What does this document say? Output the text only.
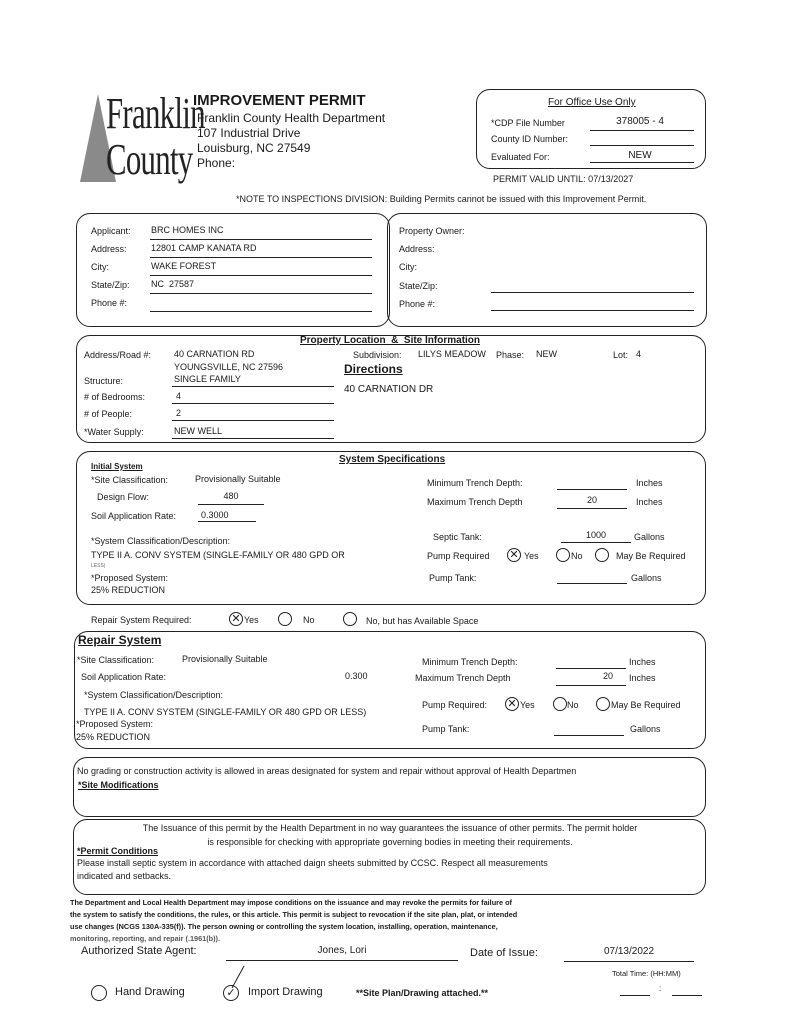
Franklin
County
IMPROVEMENT PERMIT
Franklin County Health Department
107 Industrial Drive
Louisburg, NC 27549
Phone:
For Office Use Only
*CDP File Number	378005 - 4
County ID Number:
Evaluated For:	NEW
PERMIT VALID UNTIL: 07/13/2027
*NOTE TO INSPECTIONS DIVISION: Building Permits cannot be issued with this Improvement Permit.
Applicant: BRC HOMES INC
Address:	12801 CAMP KANATA RD
City:	WAKE FOREST
State/Zip: NC  27587
Phone #:
Property Owner:
Address:
City:
State/Zip:
Phone #:
Property Location  &  Site Information
Address/Road #:	40 CARNATION RD
YOUNGSVILLE, NC 27596
Structure:	SINGLE FAMILY
# of Bedrooms:	4
# of People:	2
*Water Supply:	NEW WELL
Subdivision: LILYS MEADOW Phase: NEW	Lot: 4
Directions
40 CARNATION DR
Initial System
System Specifications
*Site Classification:	Provisionally Suitable
Design Flow:	480
Soil Application Rate:	0.3000
*System Classification/Description:
TYPE II A. CONV SYSTEM (SINGLE-FAMILY OR 480 GPD OR
LESS)
*Proposed System:
25% REDUCTION
Minimum Trench Depth:	Inches
Maximum Trench Depth	20	Inches
Septic Tank:	1000	Gallons
Pump Required ✕ Yes	No	May Be Required
Pump Tank:	Gallons
Repair System Required:	✕ Yes	No	No, but has Available Space
Repair System
*Site Classification:	Provisionally Suitable
Soil Application Rate:	0.300
*System Classification/Description:
TYPE II A. CONV SYSTEM (SINGLE-FAMILY OR 480 GPD OR LESS)
*Proposed System:
25% REDUCTION
Minimum Trench Depth:	Inches
Maximum Trench Depth	20 Inches
Pump Required: ✕ Yes	No	May Be Required
Pump Tank:	Gallons
No grading or construction activity is allowed in areas designated for system and repair without approval of Health Departmen
*Site Modifications
The Issuance of this permit by the Health Department in no way guarantees the issuance of other permits. The permit holder
is responsible for checking with appropriate governing bodies in meeting their requirements.
*Permit Conditions
Please install septic system in accordance with attached daign sheets submitted by CCSC. Respect all measurements
indicated and setbacks.
The Department and Local Health Department may impose conditions on the issuance and may revoke the permits for failure of
the system to satisfy the conditions, the rules, or this article. This permit is subject to revocation if the site plan, plat, or intended
use changes (NCGS 130A-335(f)). The person owning or controlling the system location, installing, operation, maintenance,
monitoring, reporting, and repair (.1961(b)).
Authorized State Agent:	Jones, Lori	Date of Issue:	07/13/2022
Total Time: (HH:MM)
:
Hand Drawing	✓	Import Drawing	**Site Plan/Drawing attached.**
